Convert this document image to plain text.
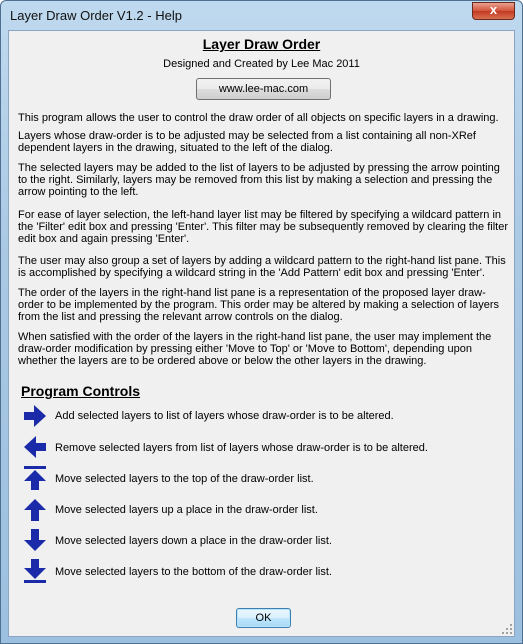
Layer Draw Order V1.2 - Help	x
Layer Draw Order
Designed and Created by Lee Mac 2011
www.lee-mac.com

This program allows the user to control the draw order of all objects on specific layers in a drawing.

Layers whose draw-order is to be adjusted may be selected from a list containing all non-XRef dependent layers in the drawing, situated to the left of the dialog.

The selected layers may be added to the list of layers to be adjusted by pressing the arrow pointing to the right. Similarly, layers may be removed from this list by making a selection and pressing the arrow pointing to the left.

For ease of layer selection, the left-hand layer list may be filtered by specifying a wildcard pattern in the 'Filter' edit box and pressing 'Enter'. This filter may be subsequently removed by clearing the filter edit box and again pressing 'Enter'.

The user may also group a set of layers by adding a wildcard pattern to the right-hand list pane. This is accomplished by specifying a wildcard string in the 'Add Pattern' edit box and pressing 'Enter'.

The order of the layers in the right-hand list pane is a representation of the proposed layer draw-order to be implemented by the program. This order may be altered by making a selection of layers from the list and pressing the relevant arrow controls on the dialog.

When satisfied with the order of the layers in the right-hand list pane, the user may implement the draw-order modification by pressing either 'Move to Top' or 'Move to Bottom', depending upon whether the layers are to be ordered above or below the other layers in the drawing.

Program Controls
Add selected layers to list of layers whose draw-order is to be altered.
Remove selected layers from list of layers whose draw-order is to be altered.
Move selected layers to the top of the draw-order list.
Move selected layers up a place in the draw-order list.
Move selected layers down a place in the draw-order list.
Move selected layers to the bottom of the draw-order list.
OK
